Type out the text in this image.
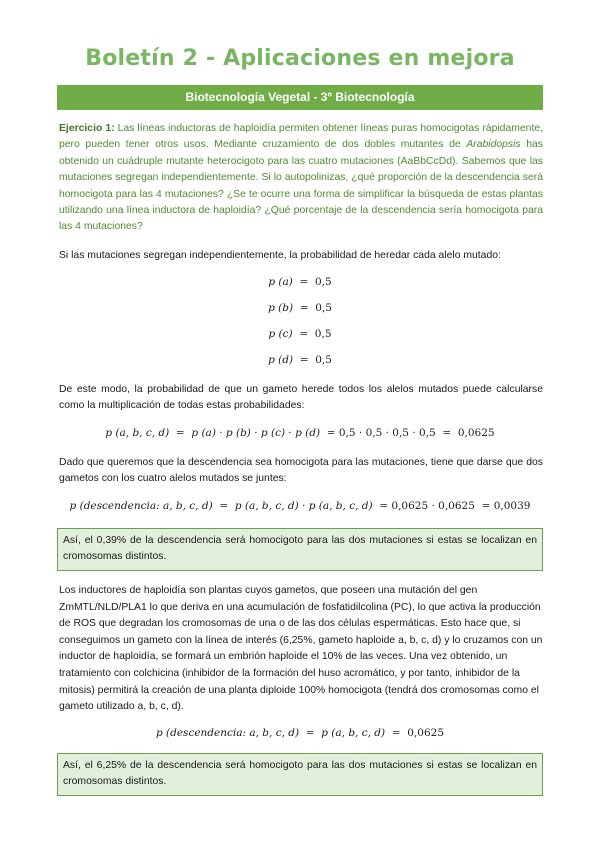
Boletín 2 - Aplicaciones en mejora
Biotecnología Vegetal - 3º Biotecnología
Ejercicio 1: Las líneas inductoras de haploidía permiten obtener líneas puras homocigotas rápidamente, pero pueden tener otros usos. Mediante cruzamiento de dos dobles mutantes de Arabidopsis has obtenido un cuádruple mutante heterocigoto para las cuatro mutaciones (AaBbCcDd). Sabemos que las mutaciones segregan independientemente. Si lo autopolinizas, ¿qué proporción de la descendencia será homocigota para las 4 mutaciones? ¿Se te ocurre una forma de simplificar la búsqueda de estas plantas utilizando una línea inductora de haploidía? ¿Qué porcentaje de la descendencia sería homocigota para las 4 mutaciones?
Si las mutaciones segregan independientemente, la probabilidad de heredar cada alelo mutado:
p (a)  =  0,5
p (b)  =  0,5
p (c)  =  0,5
p (d)  =  0,5
De este modo, la probabilidad de que un gameto herede todos los alelos mutados puede calcularse como la multiplicación de todas estas probabilidades:
p (a, b, c, d)  =  p (a) · p (b) · p (c) · p (d)  = 0,5 · 0,5 · 0,5 · 0,5  =  0,0625
Dado que queremos que la descendencia sea homocigota para las mutaciones, tiene que darse que dos gametos con los cuatro alelos mutados se juntes:
p (descendencia: a, b, c, d)  =  p (a, b, c, d) · p (a, b, c, d)  = 0,0625 · 0,0625  = 0,0039
Así, el 0,39% de la descendencia será homocigoto para las dos mutaciones si estas se localizan en cromosomas distintos.
Los inductores de haploidía son plantas cuyos gametos, que poseen una mutación del gen ZmMTL/NLD/PLA1 lo que deriva en una acumulación de fosfatidilcolina (PC), lo que activa la producción de ROS que degradan los cromosomas de una o de las dos células espermáticas. Esto hace que, si conseguimos un gameto con la línea de interés (6,25%, gameto haploide a, b, c, d) y lo cruzamos con un inductor de haploidía, se formará un embrión haploide el 10% de las veces. Una vez obtenido, un tratamiento con colchicina (inhibidor de la formación del huso acromático, y por tanto, inhibidor de la mitosis) permitirá la creación de una planta diploide 100% homocigota (tendrá dos cromosomas como el gameto utilizado a, b, c, d).
p (descendencia: a, b, c, d)  =  p (a, b, c, d)  =  0,0625
Así, el 6,25% de la descendencia será homocigoto para las dos mutaciones si estas se localizan en cromosomas distintos.
